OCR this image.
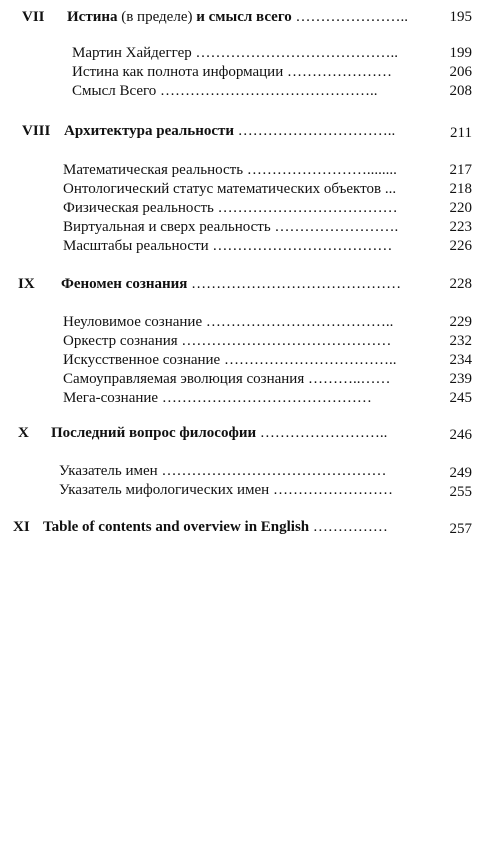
VII Истина (в пределе) и смысл всего …………………..	195
Мартин Хайдеггер …………………………………..	199
Истина как полнота информации …………………	206
Смысл Всего ……………………………………..	208
VIII Архитектура реальности …………………………..	211
Математическая реальность ……………………........	217
Онтологический статус математических объектов ...	218
Физическая реальность ………………………………	220
Виртуальная и сверх реальность …………………….	223
Масштабы реальности ………………………………	226
IX Феномен сознания ……………………………………	228
Неуловимое сознание ………………………………..	229
Оркестр сознания ……………………………………	232
Искусственное сознание ……………………………..	234
Самоуправляемая эволюция сознания ………..……	239
Мега-сознание ……………………………………	245
X Последний вопрос философии ……………………..	246
Указатель имен ………………………………………	249
Указатель мифологических имен ……………………	255
XI Table of contents and overview in English ……………	257
